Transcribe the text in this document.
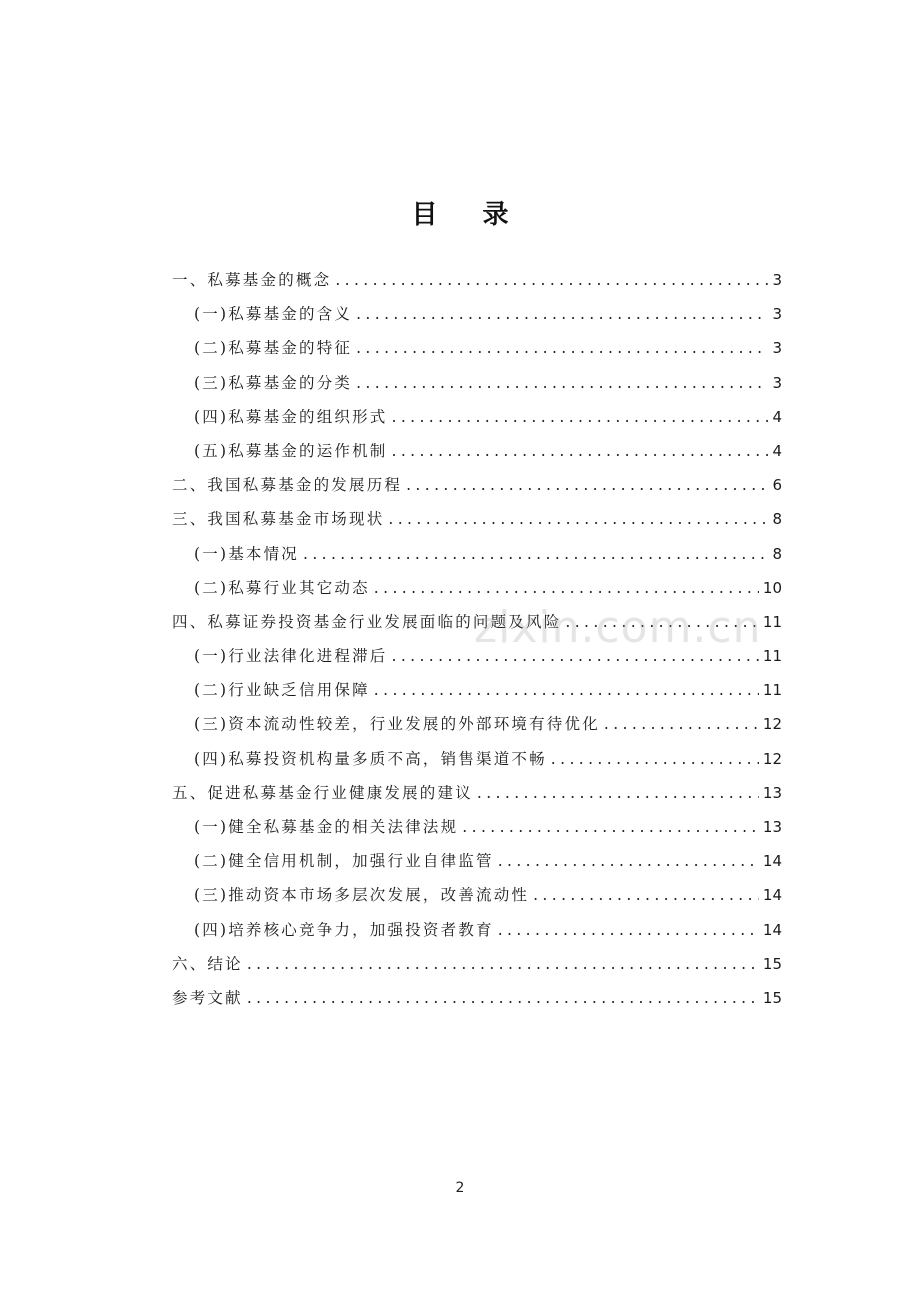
目 录
一、私募基金的概念 .....	3
(一)私募基金的含义 .....	3
(二)私募基金的特征 .....	3
(三)私募基金的分类 .....	3
(四)私募基金的组织形式 .....	4
(五)私募基金的运作机制 .....	4
二、我国私募基金的发展历程 .....	6
三、我国私募基金市场现状 .....	8
(一)基本情况 .....	8
(二)私募行业其它动态 .....	10
四、私募证券投资基金行业发展面临的问题及风险 .....	11
(一)行业法律化进程滞后 .....	11
(二)行业缺乏信用保障 .....	11
(三)资本流动性较差，行业发展的外部环境有待优化 .....	12
(四)私募投资机构量多质不高，销售渠道不畅 .....	12
五、促进私募基金行业健康发展的建议 .....	13
(一)健全私募基金的相关法律法规 .....	13
(二)健全信用机制，加强行业自律监管 .....	14
(三)推动资本市场多层次发展，改善流动性 .....	14
(四)培养核心竞争力，加强投资者教育 .....	14
六、结论 .....	15
参考文献 .....	15
zixin.com.cn
2
